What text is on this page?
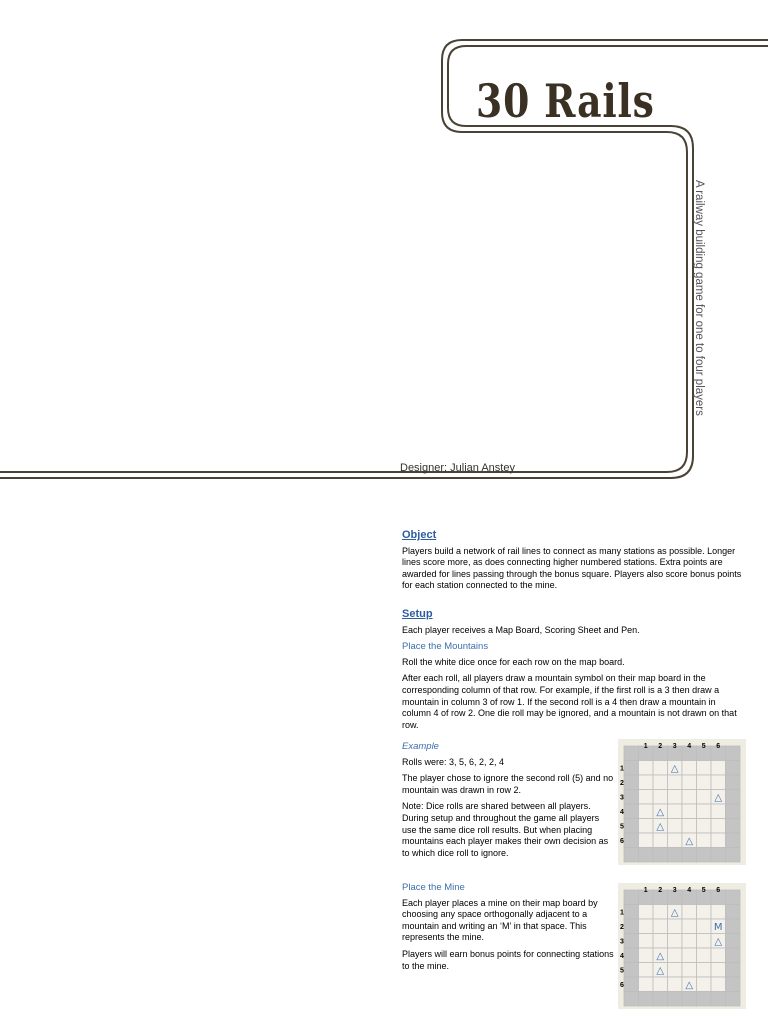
30 Rails
A railway building game for one to four players
Designer: Julian Anstey
Object

Players build a network of rail lines to connect as many stations as possible. Longer lines score more, as does connecting higher numbered stations. Extra points are awarded for lines passing through the bonus square. Players also score bonus points for each station connected to the mine.

Setup

Each player receives a Map Board, Scoring Sheet and Pen.

Place the Mountains

Roll the white dice once for each row on the map board.

After each roll, all players draw a mountain symbol on their map board in the corresponding column of that row. For example, if the first roll is a 3 then draw a mountain in column 3 of row 1. If the second roll is a 4 then draw a mountain in column 4 of row 2. One die roll may be ignored, and a mountain is not drawn on that row.

Example

Rolls were: 3, 5, 6, 2, 2, 4

The player chose to ignore the second roll (5) and no mountain was drawn in row 2.

Note: Dice rolls are shared between all players. During setup and throughout the game all players use the same dice roll results. But when placing mountains each player makes their own decision as to which dice roll to ignore.

Place the Mine

Each player places a mine on their map board by choosing any space orthogonally adjacent to a mountain and writing an ‘M’ in that space. This represents the mine.

Players will earn bonus points for connecting stations to the mine.

1 2 3 4 5 6
1
2
3
4
5
6
△
△
△
△
△
1 2 3 4 5 6
1
2
3
4
5
6
△
M
△
△
△
△
